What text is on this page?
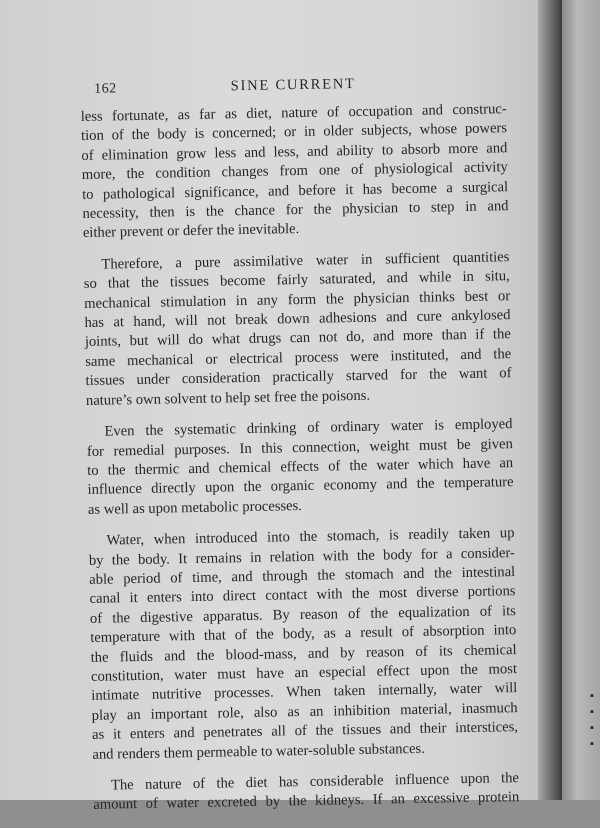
▪
▪
▪
▪
162	SINE CURRENT

less fortunate, as far as diet, nature of occupation and construc-
tion of the body is concerned; or in older subjects, whose powers
of elimination grow less and less, and ability to absorb more and
more, the condition changes from one of physiological activity
to pathological significance, and before it has become a surgical
necessity, then is the chance for the physician to step in and
either prevent or defer the inevitable.

Therefore, a pure assimilative water in sufficient quantities
so that the tissues become fairly saturated, and while in situ,
mechanical stimulation in any form the physician thinks best or
has at hand, will not break down adhesions and cure ankylosed
joints, but will do what drugs can not do, and more than if the
same mechanical or electrical process were instituted, and the
tissues under consideration practically starved for the want of
nature’s own solvent to help set free the poisons.

Even the systematic drinking of ordinary water is employed
for remedial purposes. In this connection, weight must be given
to the thermic and chemical effects of the water which have an
influence directly upon the organic economy and the temperature
as well as upon metabolic processes.

Water, when introduced into the stomach, is readily taken up
by the body. It remains in relation with the body for a consider-
able period of time, and through the stomach and the intestinal
canal it enters into direct contact with the most diverse portions
of the digestive apparatus. By reason of the equalization of its
temperature with that of the body, as a result of absorption into
the fluids and the blood-mass, and by reason of its chemical
constitution, water must have an especial effect upon the most
intimate nutritive processes. When taken internally, water will
play an important role, also as an inhibition material, inasmuch
as it enters and penetrates all of the tissues and their interstices,
and renders them permeable to water-soluble substances.

The nature of the diet has considerable influence upon the
amount of water excreted by the kidneys. If an excessive protein
